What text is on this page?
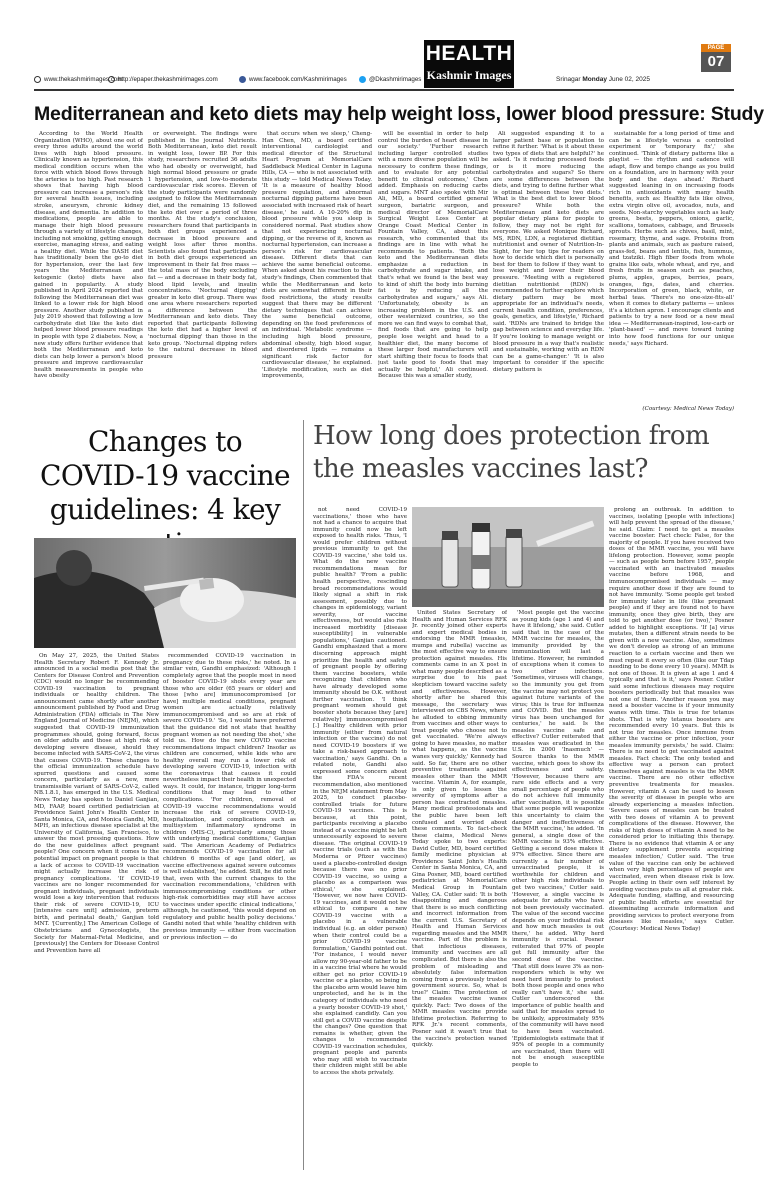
HEALTH
Kashmir Images
PAGE
07
www.thekashmirimages.com
http://epaper.thekashmirimages.com	www.facebook.com/Kashmirimages	@Dkashmirimages	Srinagar Monday June 02, 2025
Mediterranean and keto diets may help weight loss, lower blood pressure: Study

According to the World Health Organization (WHO), about one out of every three adults around the world lives with high blood pressure. Clinically known as hypertension, this medical condition occurs when the force with which blood flows through the arteries is too high. Past research shows that having high blood pressure can increase a person's risk for several health issues, including stroke, aneurysm, chronic kidney disease, and dementia. In addition to medications, people are able to manage their high blood pressure through a variety of lifestyle changes, including not smoking, getting enough exercise, managing stress, and eating a healthy diet. While the DASH diet has traditionally been the go-to diet for hypertension, over the last few years the Mediterranean and ketogenic (keto) diets have also gained in popularity. A study published in April 2024 reported that following the Mediterranean diet was linked to a lower risk for high blood pressure. Another study published in July 2019 showed that following a low carbohydrate diet like the keto diet helped lower blood pressure readings in people with type 2 diabetes. Now, a new study offers further evidence that both the Mediterranean and keto diets can help lower a person's blood pressure and improve cardiovascular health measurements in people who have obesity

or overweight. The findings were published in the journal Nutrients. Both Mediterranean, keto diet result in weight loss, lower BP. For this study, researchers recruited 36 adults who had obesity or overweight, had high normal blood pressure or grade 1 hypertension, and low-to-moderate cardiovascular risk scores. Eleven of the study participants were randomly assigned to follow the Mediterranean diet, and the remaining 15 followed the keto diet over a period of three months. At the study's conclusion, researchers found that participants in both diet groups experienced a decrease in blood pressure and weight loss after three months. Scientists also found that participants in both diet groups experienced an improvement in their fat free mass — the total mass of the body excluding fat — and a decrease in their body fat, blood lipid levels, and insulin concentrations. 'Nocturnal dipping' greater in keto diet group. There was one area where researchers reported a difference between the Mediterranean and keto diets. They reported that participants following the keto diet had a higher level of 'nocturnal dipping' than those in the keto group. 'Nocturnal dipping refers to the natural decrease in blood pressure

that occurs when we sleep,' Cheng-Han Chen, MD, a board certified interventional cardiologist and medical director of the Structural Heart Program at MemorialCare Saddleback Medical Center in Laguna Hills, CA — who is not associated with this study — told Medical News Today. 'It is a measure of healthy blood pressure regulation, and abnormal nocturnal dipping patterns have been associated with increased risk of heart disease,' he said. A 10-20% dip in blood pressure while you sleep is considered normal. Past studies show that not experiencing nocturnal dipping, or the reverse of it, known as nocturnal hypertension, can increase a person's risk for cardiovascular disease. Different diets that can achieve the same beneficial outcome. When asked about his reaction to this study's findings, Chen commented that while the Mediterranean and keto diets are somewhat different in their food restrictions, the study results suggest that there may be different dietary techniques that can achieve the same beneficial outcome, depending on the food preferences of an individual. 'Metabolic syndrome — including high blood pressure, abdominal obesity, high blood sugar, and disordered lipids — remains a significant risk factor for cardiovascular disease,' he explained. 'Lifestyle modification, such as diet improvements,

will be essential in order to help control the burden of heart disease in our society.' 'Further research including larger controlled studies with a more diverse population will be necessary to confirm these findings, and to evaluate for any potential benefit to clinical outcomes,' Chen added. Emphasis on reducing carbs and sugars. MNT also spoke with Mir Ali, MD, a board certified general surgeon, bariatric surgeon, and medical director of MemorialCare Surgical Weight Loss Center at Orange Coast Medical Center in Fountain Valley, CA, about this research, who commented that its findings are in line with what he recommends to patients. 'Both the keto and the Mediterranean diets emphasize a reduction in carbohydrate and sugar intake, and that's what we found is the best way to kind of shift the body into burning fat is by reducing all the carbohydrates and sugars,' says Ali. 'Unfortunately, obesity is an increasing problem in the U.S. and other westernized countries, so the more we can find ways to combat that, find foods that are going to help people lose weight and head to a healthier diet, the many become of these larger food manufacturers will start shifting their focus to foods that just taste good to foods that may actually be helpful,' Ali continued. Because this was a smaller study,

Ali suggested expanding it to a larger patient base or population to refine it further. 'What is it about these two types of diets that are helpful?' he asked. 'Is it reducing processed foods or is it more reducing the carbohydrates and sugars? So there are some differences between the diets, and trying to define further what is optimal between these two diets.' What is the best diet to lower blood pressure? While both the Mediterranean and keto diets are popular dietary plans for people to follow, they may not be right for everyone. We asked Monique Richard, MS, RDN, LDN, a registered dietitian nutritionist and owner of Nutrition-In-Sight, for her top tips for readers on how to decide which diet is personally best for them to follow if they want to lose weight and lower their blood pressure. 'Meeting with a registered dietitian nutritionist (RDN) is recommended to further explore which dietary pattern may be most appropriate for an individual's needs, current health condition, preferences, goals, genetics, and lifestyle,' Richard said. 'RDNs are trained to bridge the gap between science and everyday life. If you're looking to manage weight or blood pressure in a way that's realistic and sustainable, working with an RDN can be a game-changer.' 'It is also important to consider if the specific dietary pattern is

sustainable for a long period of time and can be a lifestyle versus a controlled experiment or 'temporary fix',' she continued. 'Think of dietary patterns like a playlist — the rhythm and cadence will adapt, flow and tempo change as you build on a foundation, are in harmony with your body and the days ahead.' Richard suggested leaning in on increasing foods rich in antioxidants with many health benefits, such as: Healthy fats like olives, extra virgin olive oil, avocados, nuts, and seeds. Non-starchy vegetables such as leafy greens, beets, peppers, onions, garlic, scallions, tomatoes, cabbage, and Brussels sprouts. Herbs such as chives, basil, mint, rosemary, thyme, and sage. Proteins from plants and animals, such as pasture raised, grass-fed, beans and lentils, fish, hummus, and tzatziki. High fiber foods from whole grains like oats, whole wheat, and rye, and fresh fruits in season such as peaches, plums, apples, grapes, berries, pears, oranges, figs, dates, and cherries. Incorporation of green, black, white, or herbal teas. 'There's no one-size-fits-all' when it comes to dietary patterns — unless it's a kitchen apron. I encourage clients and patients to try a new food or a new meal idea — Mediterranean-inspired, low-carb or 'plant-based' — and move toward tuning into how food functions for our unique needs,' says Richard.

(Courtesy: Medical News Today)
Changes to COVID-19 vaccine guidelines: 4 key

On May 27, 2025, the United States Health Secretary Robert F. Kennedy Jr. announced in a social media post that the Centers for Disease Control and Prevention (CDC) would no longer be recommending COVID-19 vaccination to pregnant individuals or healthy children. The announcement came shortly after another announcement published by Food and Drug Administration (FDA) officials in The New England Journal of Medicine (NEJM), which suggested that COVID-19 immunization programmes should, going forward, focus on older adults and those at high risk of developing severe disease, should they become infected with SARS-CoV-2, the virus that causes COVID-19. These changes to the official immunization schedule have spurred questions and caused some concern, particularly as a new, more transmissible variant of SARS-CoV-2, called NB.1.8.1, has emerged in the U.S. Medical News Today has spoken to Daniel Ganjian, MD, FAAP, board certified pediatrician at Providence Saint John's Health Center in Santa Monica, CA, and Monica Gandhi, MD, MPH, an infectious disease specialist at the University of California, San Francisco, to answer the most pressing questions. How do the new guidelines affect pregnant people? One concern when it comes to the potential impact on pregnant people is that a lack of access to COVID-19 vaccination might actually increase the risk of pregnancy complications. 'If COVID-19 vaccines are no longer recommended for pregnant individuals, pregnant individuals would lose a key intervention that reduces their risk of severe COVID-19, ICU [intensive care unit] admission, preterm birth, and perinatal death,' Ganjian told MNT. '[Currently,] The American College of Obstetricians and Gynecologists, the Society for Maternal-Fetal Medicine, and [previously] the Centers for Disease Control and Prevention have all

recommended COVID-19 vaccination in pregnancy due to these risks,' he noted. In a similar vein, Gandhi emphasized: 'Although I completely agree that the people most in need of booster COVID-19 shots every year are those who are older (65 years or older) and those [who are] immunocompromised [or have] multiple medical conditions, pregnant women are actually relatively immunocompromised and so are at risk of severe COVID-19.' 'So, I would have preferred that the guidance did not state that healthy pregnant women as not needing the shot,' she told us. How do the new COVID vaccine recommendations impact children? Insofar as children are concerned, while kids who are healthy overall may run a lower risk of developing severe COVID-19, infection with the coronavirus that causes it could nevertheless impact their health in unexpected ways. It could, for instance, trigger long-term conditions that may lead to other complications. 'For children, removal of COVID-19 vaccine recommendations would increase the risk of severe COVID-19, hospitalization, and complications such as multisystem inflammatory syndrome in children (MIS-C), particularly among those with underlying medical conditions,' Ganjian said. 'The American Academy of Pediatrics recommends COVID-19 vaccination for all children 6 months of age [and older], as vaccine effectiveness against severe outcomes is well established,' he added. Still, he did note that, even with the current changes to the vaccination recommendations, 'children with immunocompromising conditions or other high-risk comorbidities may still have access to vaccines under specific clinical indications,' although, he cautioned, 'this would depend on regulatory and public health policy decisions.' Gandhi noted that while 'healthy children with previous immunity — either from vaccination or previous infection — do

How long does protection from the measles vaccines last?

United States Secretary of Health and Human Services RFK Jr. recently joined other experts and expert medical bodies in endorsing the MMR (measles, mumps and rubella) vaccine as the most effective way to ensure protection against measles. His comments came in an X post in what many people described as a surprise due to his past skepticism toward vaccine safety and effectiveness. However, shortly after he shared this message, the secretary was interviewed on CBS News, where he alluded to ebbing immunity from vaccines and other ways to treat people who choose not to get vaccinated. 'We're always going to have measles, no matter what happens, as the vaccine wanes very quickly,' Kennedy had said. So far, there are no other preventive treatments against measles other than the MMR vaccine. Vitamin A, for example, is only given to lessen the severity of symptoms after a person has contracted measles. Many medical professionals and the public have been left confused and worried about these comments. To fact-check these claims, Medical News Today spoke to two experts: David Cutler, MD, board certified family medicine physician at Providence Saint John's Health Center in Santa Monica, CA, and Gina Posner, MD, board certified pediatrician at MemorialCare Medical Group in Fountain Valley, CA. Cutler said: 'It is both disappointing and dangerous that there is so much conflicting and incorrect information from the current U.S. Secretary of Health and Human Services regarding measles and the MMR vaccine. Part of the problem is that infectious diseases, immunity and vaccines are all complicated. But there is also the problem of misleading and absolutely false information coming from a previously trusted government source. So, what is true?' Claim: The protection of the measles vaccine wanes quickly. Fact: Two doses of the MMR measles vaccine provide lifetime protection. Referring to RFK Jr.'s recent comments, Posner said it wasn't true that the vaccine's protection waned quickly.

'Most people get the vaccine as young kids (age 1 and 4) and have it lifelong,' she said. Cutler said that in the case of the MMR vaccine for measles, the immunity provided by the immunization will last a lifetime. However, he reminded of exceptions when it comes to two other infections. 'Sometimes, viruses will change, so the immunity you get from the vaccine may not protect you against future variants of the virus; this is true for influenza and COVID. But the measles virus has been unchanged for centuries,' he said. Is the measles vaccine safe and effective? Cutler reiterated that measles was eradicated in the U.S. in 2000 'Inasmuch' — Source thanks to the MMR vaccine, which goes to show its effectiveness and safety. 'However, because there are rare side effects and a very small percentage of people who do not achieve full immunity after vaccination, it is possible that some people will weaponize this uncertainty to claim the danger and ineffectiveness of the MMR vaccine,' he added. 'In general, a single dose of the MMR vaccine is 93% effective. Getting a second dose makes it 97% effective. Since there are currently a fair number of unvaccinated people, it is worthwhile for children and other high risk individuals to get two vaccines,' Cutler said. 'However, a single vaccine is adequate for adults who have not been previously vaccinated. The value of the second vaccine depends on your individual risk and how much measles is out there,' he added. Why herd immunity is crucial. Posner reiterated that 97% of people get full immunity after the second dose of the vaccine. 'That still does leave 3% as non-responders which is why we need herd immunity to protect both those people and ones who really can't have it,' she said. Cutler underscored the importance of public health and said that for measles spread to be unlikely, approximately 95% of the community will have need to have been vaccinated. 'Epidemiologists estimate that if 95% of people in a community are vaccinated, then there will not be enough susceptible people to

prolong an outbreak. In addition to vaccines, isolating [people with infections] will help prevent the spread of the disease,' he said. Claim: I need to get a measles vaccine booster. Fact check: False, for the majority of people. If you have received two doses of the MMR vaccine, you will have lifelong protection. However, some people — such as people born before 1957, people vaccinated with an inactivated measles vaccine before 1968, and immunocompromised individuals — may require another dose if they are found to not have immunity. 'Some people get tested for immunity later in life (like pregnant people) and if they are found not to have immunity, once they give birth, they are told to get another dose (or two),' Posner added to highlight exceptions. 'If [a] virus mutates, then a different strain needs to be given with a new vaccine. Also, sometimes we don't develop as strong of an immune reaction to a certain vaccine and then we must repeat it every so often (like our Tdap needing to be done every 10 years). MMR is not one of those. It is given at age 1 and 4 typically and that is it,' says Posner. Cutler said some infectious diseases may require boosters periodically but that measles was not one of them. 'Another reason you may need a booster vaccine is if your immunity wanes with time. This is true for tetanus shots. That is why tetanus boosters are recommended every 10 years. But this is not true for measles. Once immune from either the vaccine or prior infection, your measles immunity persists,' he said. Claim: There is no need to get vaccinated against measles. Fact check: The only tested and effective way a person can protect themselves against measles is via the MMR vaccine. There are no other effective preventive treatments for measles. However, vitamin A can be used to lessen the severity of disease in people who are already experiencing a measles infection. 'Severe cases of measles can be treated with two doses of vitamin A to prevent complications of the disease. However, the risks of high doses of vitamin A need to be considered prior to initiating this therapy. There is no evidence that vitamin A or any dietary supplement prevents acquiring measles infection,' Cutler said. 'The true value of the vaccine can only be achieved when very high percentages of people are vaccinated, even when disease risk is low. People acting in their own self interest by avoiding vaccines puts us all at greater risk. Adequate funding, staffing, and resourcing of public health efforts are essential for disseminating accurate information and providing services to protect everyone from diseases like measles,' says Cutler. (Courtesy: Medical News Today)

not need COVID-19 vaccinations,' those who have not had a chance to acquire that immunity could now be left exposed to health risks. 'Thus, 'I would prefer children without previous immunity to get the COVID-19 vaccine,' she told us. What do the new vaccine recommendations mean for public health? 'From a public health perspective, rescinding broad recommendations would likely signal a shift in risk assessment, possibly due to changes in epidemiology, variant severity, or vaccine effectiveness, but would also risk increased morbidity [disease susceptibility] in vulnerable populations,' Ganjian cautioned. Gandhi emphasized that a more discerning approach might prioritize the health and safety of pregnant people by offering them vaccine boosters, while recognizing that children who have already developed some immunity should be O.K. without further vaccination. 'I think pregnant women should get booster shots because they [are] relatively] immunocompromised [.] Healthy children with prior immunity (either from natural infection or the vaccine) do not need COVID-19 boosters if we take a risk-based approach to vaccination,' says Gandhi. On a related note, Gandhi also expressed some concern about the FDA's recent recommendation, also mentioned in the NEJM statement from May 2025, to conduct placebo-controlled trials for future COVID-19 vaccines. This is because, at this point, participants receiving a placebo instead of a vaccine might be left unnecessarily exposed to severe disease. 'The original COVID-19 vaccine trials (such as with the Moderna or Pfizer vaccines) used a placebo-controlled design because there was no prior COVID-19 vaccine, so using a placebo as a comparison was ethical,' she explained. 'However, we now have COVID-19 vaccines, and it would not be ethical to compare a new COVID-19 vaccine with a placebo in a vulnerable individual (e.g. an older person) when their control could be a prior COVID-19 vaccine formulation,' Gandhi pointed out. 'For instance, I would never allow my 90-year-old father to be in a vaccine trial where he would either get no prior COVID-19 vaccine or a placebo, so being in the placebo arm would leave him unprotected, and he is in the category of individuals who need a yearly booster COVID-19 shot,' she explained candidly. Can you still get a COVID vaccine despite the changes? One question that remains is whether, given the changes to recommended COVID-19 vaccination schedules, pregnant people and parents who may still wish to vaccinate their children might still be able to access the shots privately.
